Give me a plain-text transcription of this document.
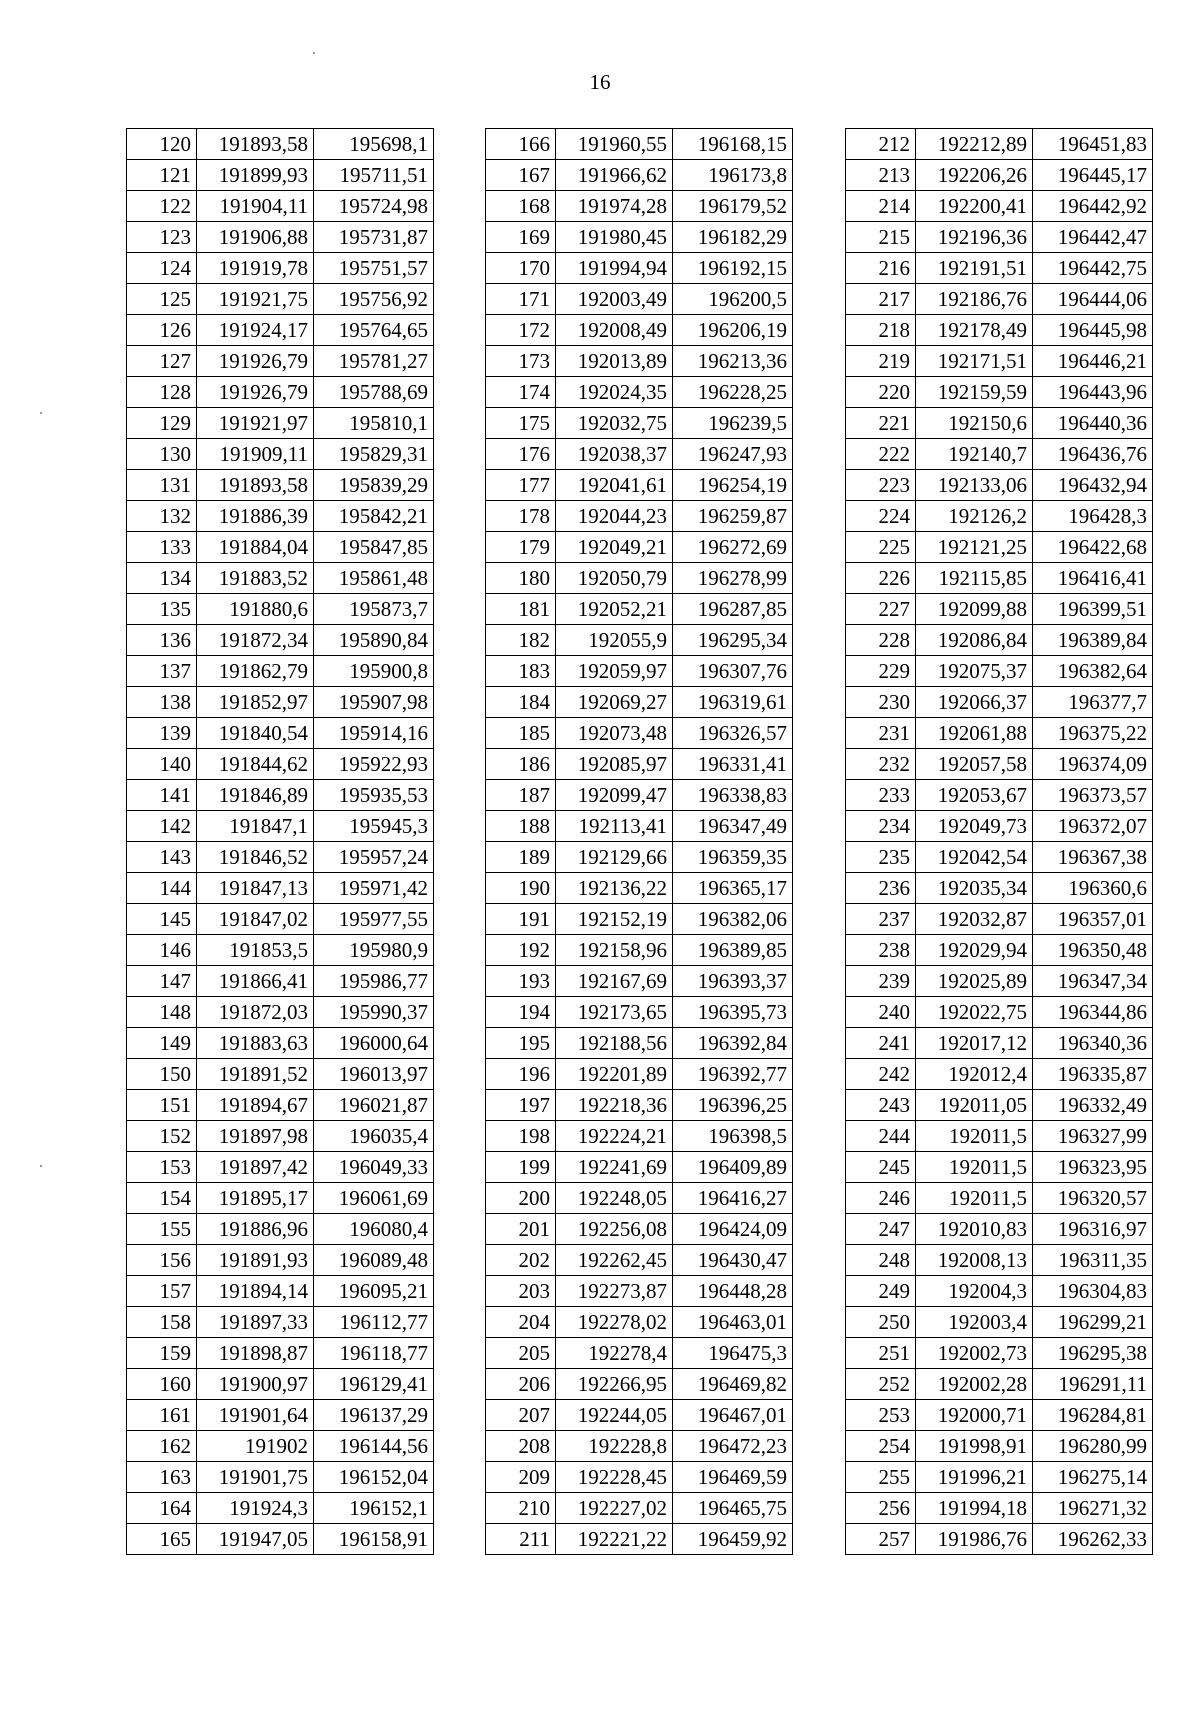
16
120	191893,58	195698,1
121	191899,93	195711,51
122	191904,11	195724,98
123	191906,88	195731,87
124	191919,78	195751,57
125	191921,75	195756,92
126	191924,17	195764,65
127	191926,79	195781,27
128	191926,79	195788,69
129	191921,97	195810,1
130	191909,11	195829,31
131	191893,58	195839,29
132	191886,39	195842,21
133	191884,04	195847,85
134	191883,52	195861,48
135	191880,6	195873,7
136	191872,34	195890,84
137	191862,79	195900,8
138	191852,97	195907,98
139	191840,54	195914,16
140	191844,62	195922,93
141	191846,89	195935,53
142	191847,1	195945,3
143	191846,52	195957,24
144	191847,13	195971,42
145	191847,02	195977,55
146	191853,5	195980,9
147	191866,41	195986,77
148	191872,03	195990,37
149	191883,63	196000,64
150	191891,52	196013,97
151	191894,67	196021,87
152	191897,98	196035,4
153	191897,42	196049,33
154	191895,17	196061,69
155	191886,96	196080,4
156	191891,93	196089,48
157	191894,14	196095,21
158	191897,33	196112,77
159	191898,87	196118,77
160	191900,97	196129,41
161	191901,64	196137,29
162	191902	196144,56
163	191901,75	196152,04
164	191924,3	196152,1
165	191947,05	196158,91
166	191960,55	196168,15
167	191966,62	196173,8
168	191974,28	196179,52
169	191980,45	196182,29
170	191994,94	196192,15
171	192003,49	196200,5
172	192008,49	196206,19
173	192013,89	196213,36
174	192024,35	196228,25
175	192032,75	196239,5
176	192038,37	196247,93
177	192041,61	196254,19
178	192044,23	196259,87
179	192049,21	196272,69
180	192050,79	196278,99
181	192052,21	196287,85
182	192055,9	196295,34
183	192059,97	196307,76
184	192069,27	196319,61
185	192073,48	196326,57
186	192085,97	196331,41
187	192099,47	196338,83
188	192113,41	196347,49
189	192129,66	196359,35
190	192136,22	196365,17
191	192152,19	196382,06
192	192158,96	196389,85
193	192167,69	196393,37
194	192173,65	196395,73
195	192188,56	196392,84
196	192201,89	196392,77
197	192218,36	196396,25
198	192224,21	196398,5
199	192241,69	196409,89
200	192248,05	196416,27
201	192256,08	196424,09
202	192262,45	196430,47
203	192273,87	196448,28
204	192278,02	196463,01
205	192278,4	196475,3
206	192266,95	196469,82
207	192244,05	196467,01
208	192228,8	196472,23
209	192228,45	196469,59
210	192227,02	196465,75
211	192221,22	196459,92
212	192212,89	196451,83
213	192206,26	196445,17
214	192200,41	196442,92
215	192196,36	196442,47
216	192191,51	196442,75
217	192186,76	196444,06
218	192178,49	196445,98
219	192171,51	196446,21
220	192159,59	196443,96
221	192150,6	196440,36
222	192140,7	196436,76
223	192133,06	196432,94
224	192126,2	196428,3
225	192121,25	196422,68
226	192115,85	196416,41
227	192099,88	196399,51
228	192086,84	196389,84
229	192075,37	196382,64
230	192066,37	196377,7
231	192061,88	196375,22
232	192057,58	196374,09
233	192053,67	196373,57
234	192049,73	196372,07
235	192042,54	196367,38
236	192035,34	196360,6
237	192032,87	196357,01
238	192029,94	196350,48
239	192025,89	196347,34
240	192022,75	196344,86
241	192017,12	196340,36
242	192012,4	196335,87
243	192011,05	196332,49
244	192011,5	196327,99
245	192011,5	196323,95
246	192011,5	196320,57
247	192010,83	196316,97
248	192008,13	196311,35
249	192004,3	196304,83
250	192003,4	196299,21
251	192002,73	196295,38
252	192002,28	196291,11
253	192000,71	196284,81
254	191998,91	196280,99
255	191996,21	196275,14
256	191994,18	196271,32
257	191986,76	196262,33
